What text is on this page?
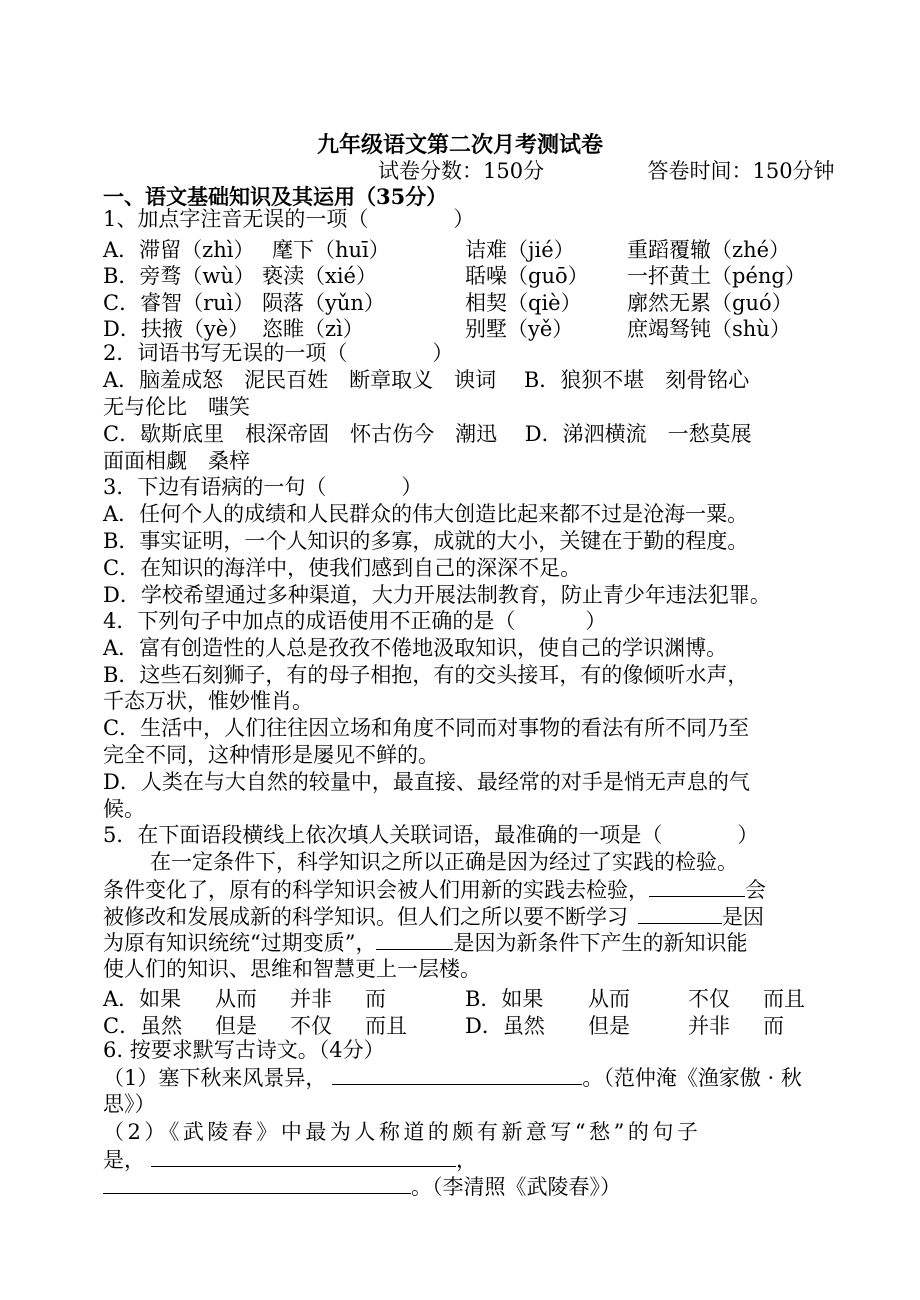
九年级语文第二次月考测试卷
试卷分数：150分	答卷时间：150分钟
一、语文基础知识及其运用（35分）
1、加点字注音无误的一项（	）
A．滞留（zhì） 麾下（huī）	诘难（jié） 重蹈覆辙（zhé）
B．旁骛（wù） 亵渎（xié）	聒噪（guō） 一抔黄土（péng）
C．睿智（ruì） 陨落（yǔn）	相契（qiè） 廓然无累（guó）
D．扶掖（yè） 恣睢（zì）	别墅（yě）	庶竭驽钝（shù）
2．词语书写无误的一项（	）
A．脑羞成怒　泥民百姓　断章取义　谀词　 B．狼狈不堪　刻骨铭心
无与伦比　嗤笑
C．歇斯底里　根深帝固　怀古伤今　潮迅　 D．涕泗横流　一愁莫展
面面相觑　桑梓
3．下边有语病的一句（	）
A．任何个人的成绩和人民群众的伟大创造比起来都不过是沧海一粟。
B．事实证明，一个人知识的多寡，成就的大小，关键在于勤的程度。
C．在知识的海洋中，使我们感到自己的深深不足。
D．学校希望通过多种渠道，大力开展法制教育，防止青少年违法犯罪。
4．下列句子中加点的成语使用不正确的是（	）
A．富有创造性的人总是孜孜不倦地汲取知识，使自己的学识渊博。
B．这些石刻狮子，有的母子相抱，有的交头接耳，有的像倾听水声，
千态万状，惟妙惟肖。
C．生活中，人们往往因立场和角度不同而对事物的看法有所不同乃至
完全不同，这种情形是屡见不鲜的。
D．人类在与大自然的较量中，最直接、最经常的对手是悄无声息的气
候。
5．在下面语段横线上依次填人关联词语，最准确的一项是（	）
在一定条件下，科学知识之所以正确是因为经过了实践的检验。
条件变化了，原有的科学知识会被人们用新的实践去检验，	会
被修改和发展成新的科学知识。但人们之所以要不断学习	是因
为原有知识统统“过期变质”，	是因为新条件下产生的新知识能
使人们的知识、思维和智慧更上一层楼。
A．如果 从而 并非 而	B．如果 从而	不仅 而且
C．虽然 但是 不仅 而且	D．虽然 但是	并非 而
6. 按要求默写古诗文。（4分）
（1）塞下秋来风景异，	。（范仲淹《渔家傲 · 秋
思》）
（2）《武陵春》中最为人称道的颇有新意写“愁”的句子
是，	，
。（李清照《武陵春》）
